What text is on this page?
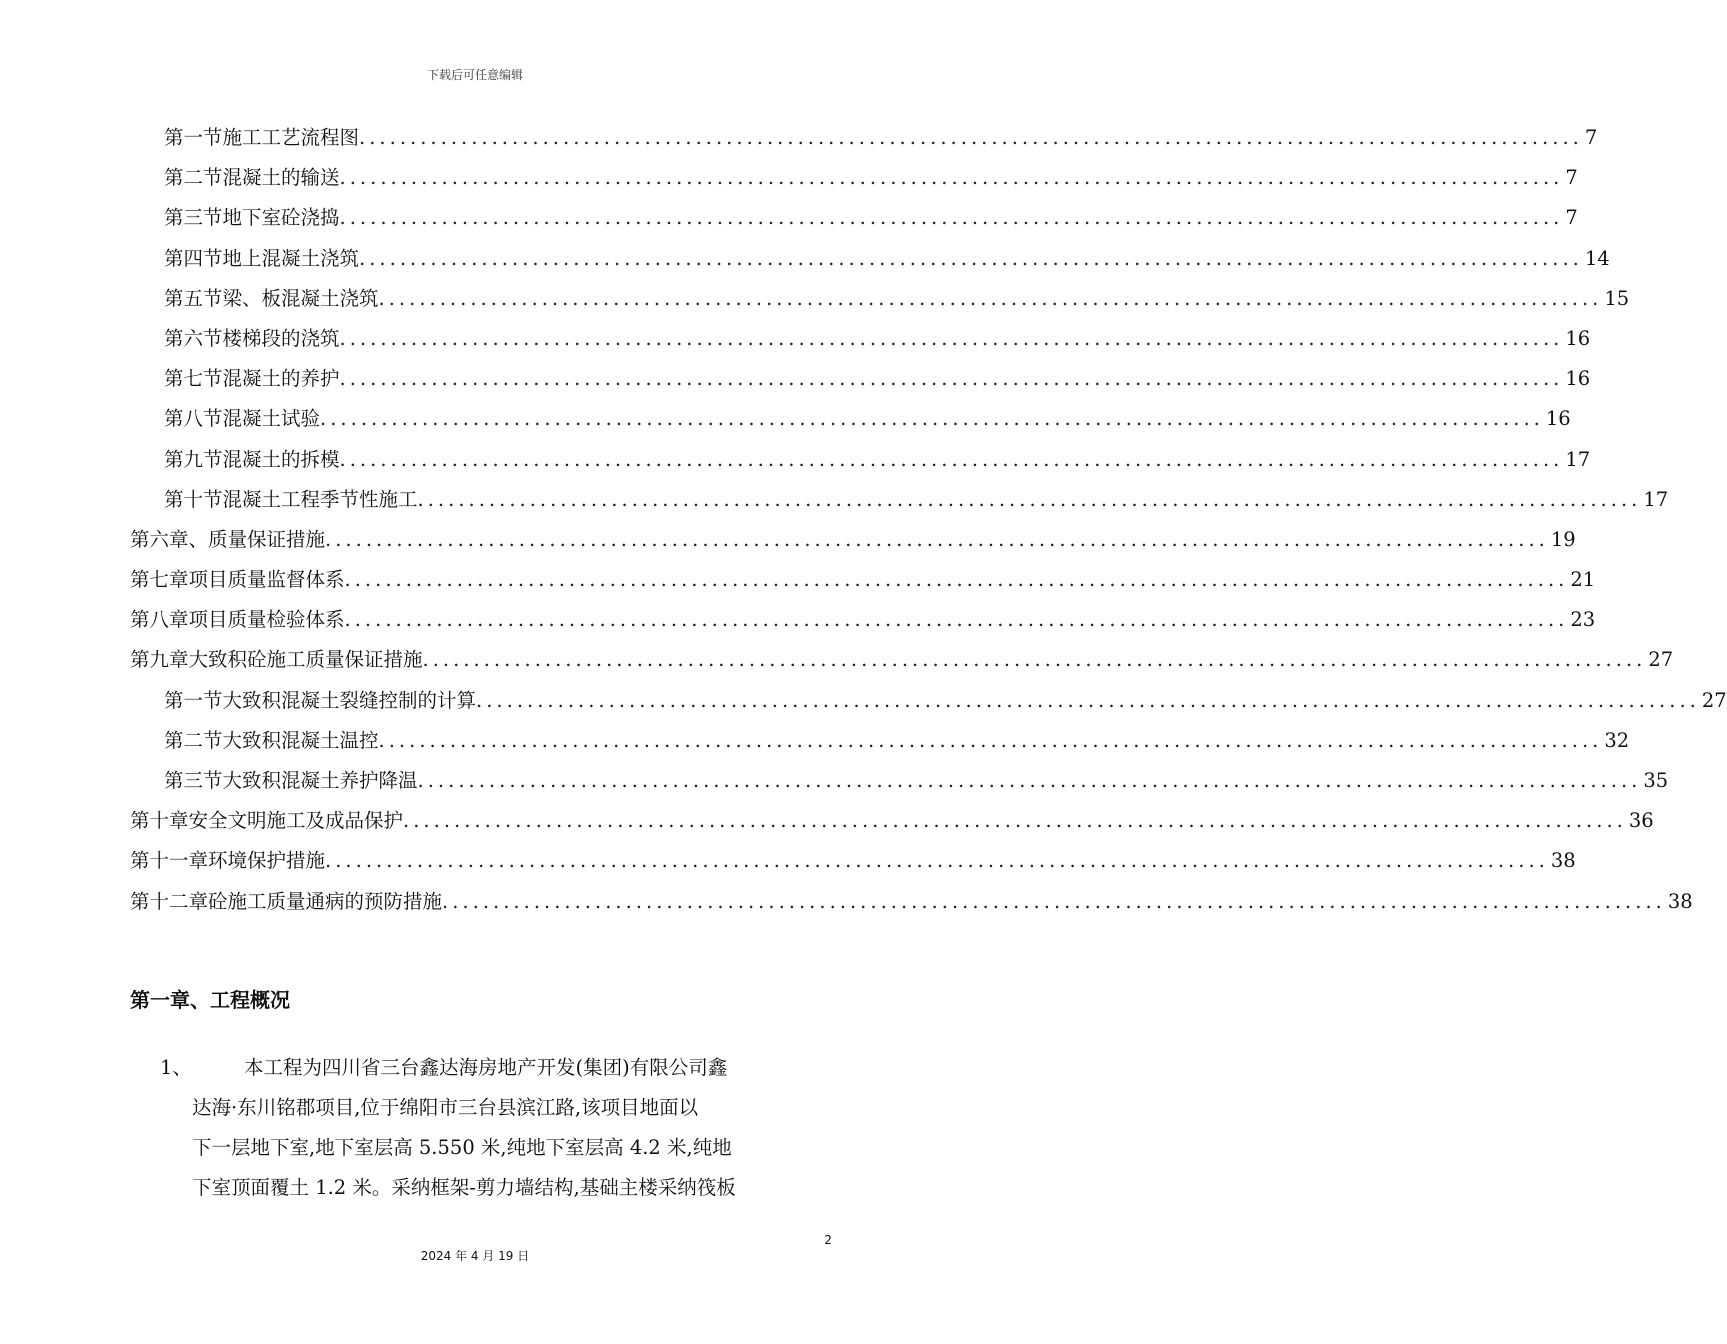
下载后可任意编辑
第一节 施工工艺流程图 ........................................................................................................................ 7
第二节 混凝土的输送 ........................................................................................................................ 7
第三节 地下室砼浇捣 ........................................................................................................................ 7
第四节 地上混凝土浇筑 ........................................................................................................................ 14
第五节 梁、板混凝土浇筑 ........................................................................................................................ 15
第六节 楼梯段的浇筑 ........................................................................................................................ 16
第七节 混凝土的养护 ........................................................................................................................ 16
第八节 混凝土试验 ........................................................................................................................ 16
第九节 混凝土的拆模 ........................................................................................................................ 17
第十节 混凝土工程季节性施工 ........................................................................................................................ 17
第六章、 质量保证措施 ........................................................................................................................ 19
第七章 项目质量监督体系 ........................................................................................................................ 21
第八章 项目质量检验体系 ........................................................................................................................ 23
第九章 大致积砼施工质量保证措施 ........................................................................................................................ 27
第一节 大致积混凝土裂缝控制的计算 ........................................................................................................................ 27
第二节 大致积混凝土温控 ........................................................................................................................ 32
第三节 大致积混凝土养护降温 ........................................................................................................................ 35
第十章 安全文明施工及成品保护 ........................................................................................................................ 36
第十一章 环境保护措施 ........................................................................................................................ 38
第十二章 砼施工质量通病的预防措施 ........................................................................................................................ 38
第一章、工程概况
1、	本工程为四川省三台鑫达海房地产开发(集团)有限公司鑫
达海·东川铭郡项目,位于绵阳市三台县滨江路,该项目地面以
下一层地下室,地下室层高 5.550 米,纯地下室层高 4.2 米,纯地
下室顶面覆土 1.2 米。采纳框架-剪力墙结构,基础主楼采纳筏板
2
2024 年 4 月 19 日
